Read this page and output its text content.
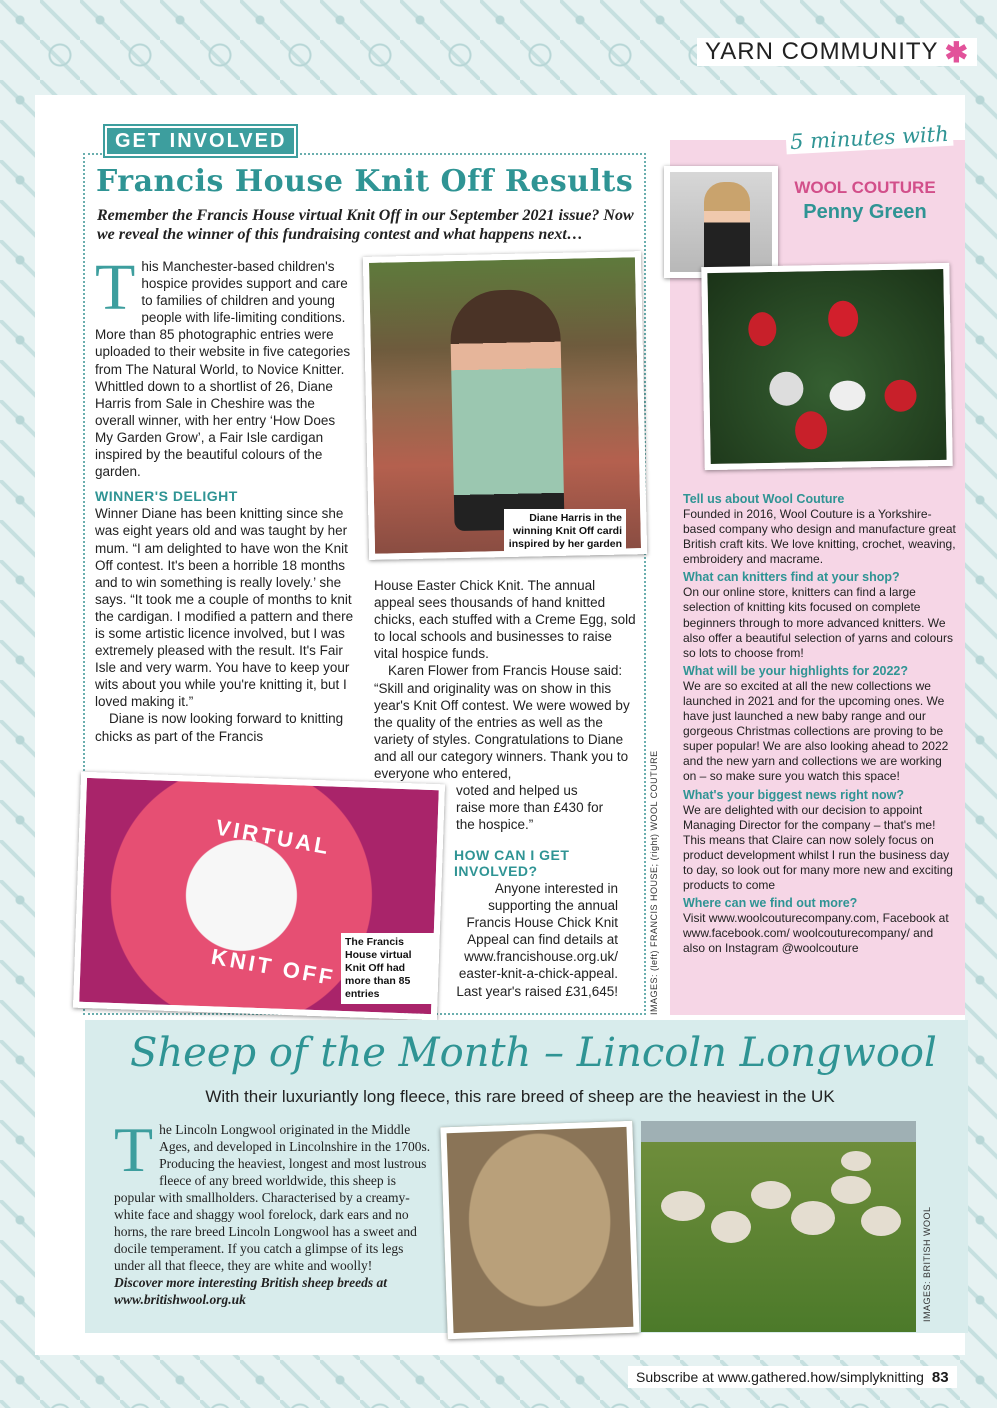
YARN COMMUNITY ✱
GET INVOLVED
Francis House Knit Off Results
Remember the Francis House virtual Knit Off in our September 2021 issue? Now we reveal the winner of this fundraising contest and what happens next…
T his Manchester-based children's hospice provides support and care to families of children and young people with life-limiting conditions. More than 85 photographic entries were uploaded to their website in five categories from The Natural World, to Novice Knitter. Whittled down to a shortlist of 26, Diane Harris from Sale in Cheshire was the overall winner, with her entry ‘How Does My Garden Grow’, a Fair Isle cardigan inspired by the beautiful colours of the garden.
WINNER'S DELIGHT
Winner Diane has been knitting since she was eight years old and was taught by her mum. “I am delighted to have won the Knit Off contest. It's been a horrible 18 months and to win something is really lovely.’ she says. “It took me a couple of months to knit the cardigan. I modified a pattern and there is some artistic licence involved, but I was extremely pleased with the result. It's Fair Isle and very warm. You have to keep your wits about you while you're knitting it, but I loved making it.”
Diane is now looking forward to knitting chicks as part of the Francis
House Easter Chick Knit. The annual appeal sees thousands of hand knitted chicks, each stuffed with a Creme Egg, sold to local schools and businesses to raise vital hospice funds.
Karen Flower from Francis House said: “Skill and originality was on show in this year's Knit Off contest. We were wowed by the quality of the entries as well as the variety of styles. Congratulations to Diane and all our category winners. Thank you to everyone who entered,
voted and helped us raise more than £430 for the hospice.”
HOW CAN I GET INVOLVED?
Anyone interested in supporting the annual Francis House Chick Knit Appeal can find details at www.francishouse.org.uk/ easter-knit-a-chick-appeal. Last year's raised £31,645!
Diane Harris in the winning Knit Off cardi inspired by her garden
VIRTUAL
KNIT OFF
The Francis House virtual Knit Off had more than 85 entries	IMAGES: (left) FRANCIS HOUSE; (right) WOOL COUTURE
5 minutes with
WOOL COUTURE
Penny Green
Tell us about Wool Couture
Founded in 2016, Wool Couture is a Yorkshire-based company who design and manufacture great British craft kits. We love knitting, crochet, weaving, embroidery and macrame.
What can knitters find at your shop?
On our online store, knitters can find a large selection of knitting kits focused on complete beginners through to more advanced knitters. We also offer a beautiful selection of yarns and colours so lots to choose from!
What will be your highlights for 2022?
We are so excited at all the new collections we launched in 2021 and for the upcoming ones. We have just launched a new baby range and our gorgeous Christmas collections are proving to be super popular! We are also looking ahead to 2022 and the new yarn and collections we are working on – so make sure you watch this space!
What's your biggest news right now?
We are delighted with our decision to appoint Managing Director for the company – that's me! This means that Claire can now solely focus on product development whilst I run the business day to day, so look out for many more new and exciting products to come
Where can we find out more?
Visit www.woolcouturecompany.com, Facebook at www.facebook.com/ woolcouturecompany/ and also on Instagram @woolcouture
Sheep of the Month – Lincoln Longwool
With their luxuriantly long fleece, this rare breed of sheep are the heaviest in the UK
T he Lincoln Longwool originated in the Middle Ages, and developed in Lincolnshire in the 1700s. Producing the heaviest, longest and most lustrous fleece of any breed worldwide, this sheep is popular with smallholders. Characterised by a creamy-white face and shaggy wool forelock, dark ears and no horns, the rare breed Lincoln Longwool has a sweet and docile temperament. If you catch a glimpse of its legs under all that fleece, they are white and woolly!
Discover more interesting British sheep breeds at www.britishwool.org.uk	IMAGES: BRITISH WOOL
Subscribe at www.gathered.how/simplyknitting 83
